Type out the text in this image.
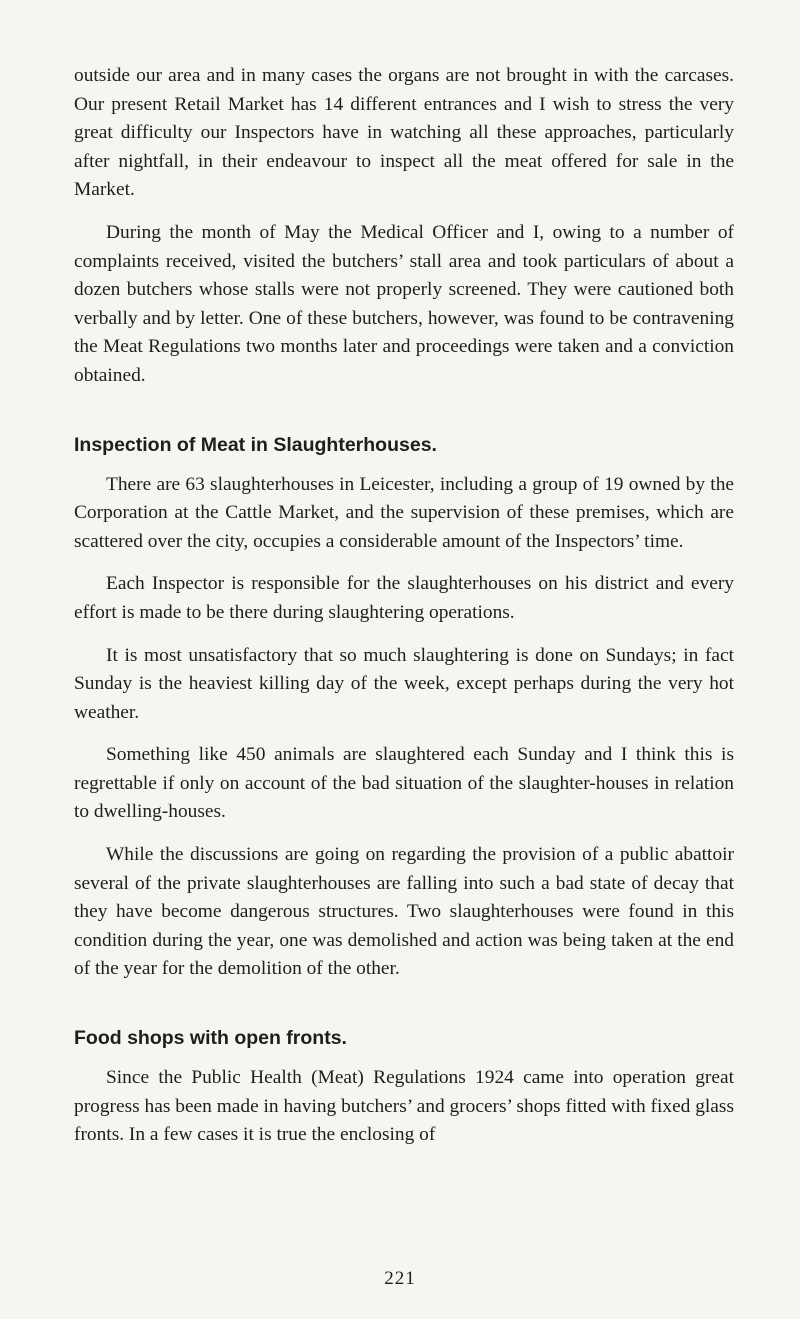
outside our area and in many cases the organs are not brought in with the carcases. Our present Retail Market has 14 different entrances and I wish to stress the very great difficulty our Inspectors have in watching all these approaches, particularly after nightfall, in their endeavour to inspect all the meat offered for sale in the Market.

During the month of May the Medical Officer and I, owing to a number of complaints received, visited the butchers’ stall area and took particulars of about a dozen butchers whose stalls were not properly screened. They were cautioned both verbally and by letter. One of these butchers, however, was found to be contravening the Meat Regulations two months later and proceedings were taken and a conviction obtained.

Inspection of Meat in Slaughterhouses.

There are 63 slaughterhouses in Leicester, including a group of 19 owned by the Corporation at the Cattle Market, and the supervision of these premises, which are scattered over the city, occupies a considerable amount of the Inspectors’ time.

Each Inspector is responsible for the slaughterhouses on his district and every effort is made to be there during slaughtering operations.

It is most unsatisfactory that so much slaughtering is done on Sundays; in fact Sunday is the heaviest killing day of the week, except perhaps during the very hot weather.

Something like 450 animals are slaughtered each Sunday and I think this is regrettable if only on account of the bad situation of the slaughter-houses in relation to dwelling-houses.

While the discussions are going on regarding the provision of a public abattoir several of the private slaughterhouses are falling into such a bad state of decay that they have become dangerous structures. Two slaughterhouses were found in this condition during the year, one was demolished and action was being taken at the end of the year for the demolition of the other.

Food shops with open fronts.

Since the Public Health (Meat) Regulations 1924 came into operation great progress has been made in having butchers’ and grocers’ shops fitted with fixed glass fronts. In a few cases it is true the enclosing of

221
